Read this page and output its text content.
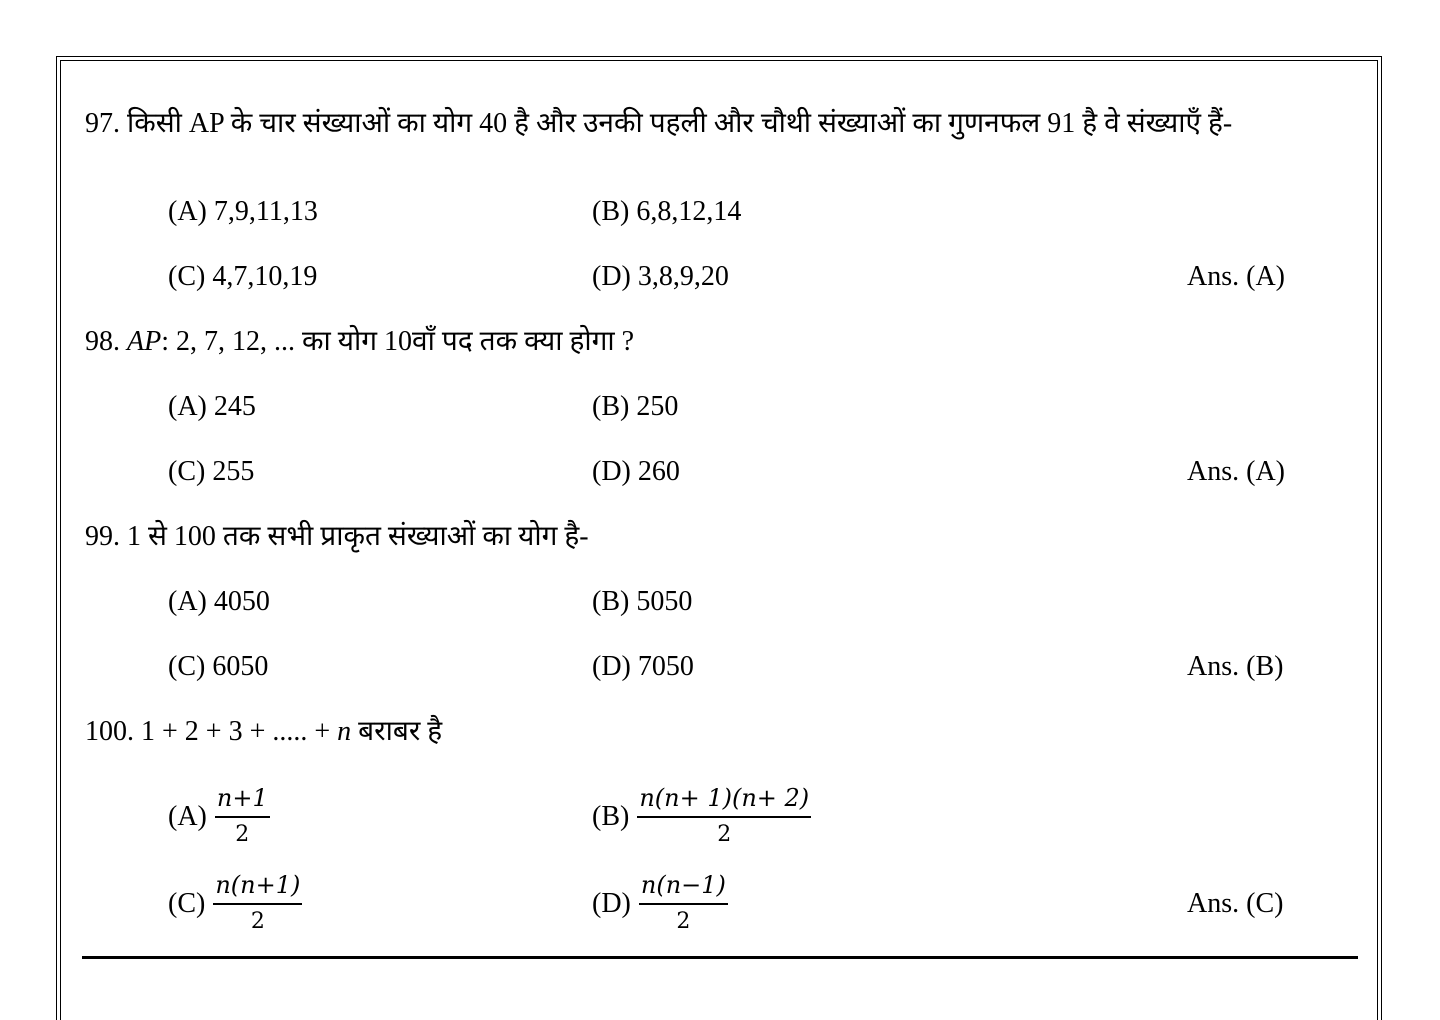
97. किसी AP के चार संख्याओं का योग 40 है और उनकी पहली और चौथी संख्याओं का गुणनफल 91 है वे संख्याएँ हैं-
(A) 7,9,11,13	(B) 6,8,12,14
(C) 4,7,10,19	(D) 3,8,9,20	Ans. (A)
98. AP: 2, 7, 12, ... का योग 10वाँ पद तक क्या होगा ?
(A) 245	(B) 250
(C) 255	(D) 260	Ans. (A)
99. 1 से 100 तक सभी प्राकृत संख्याओं का योग है-
(A) 4050	(B) 5050
(C) 6050	(D) 7050	Ans. (B)
100. 1 + 2 + 3 + ..... + n बराबर है
$(A) \frac{n+1}{2}$	$(B) \frac{n(n+ 1)(n+ 2)}{2}$
$(C) \frac{n(n+1)}{2}$	$(D) \frac{n(n-1)}{2}$	Ans. (C)
